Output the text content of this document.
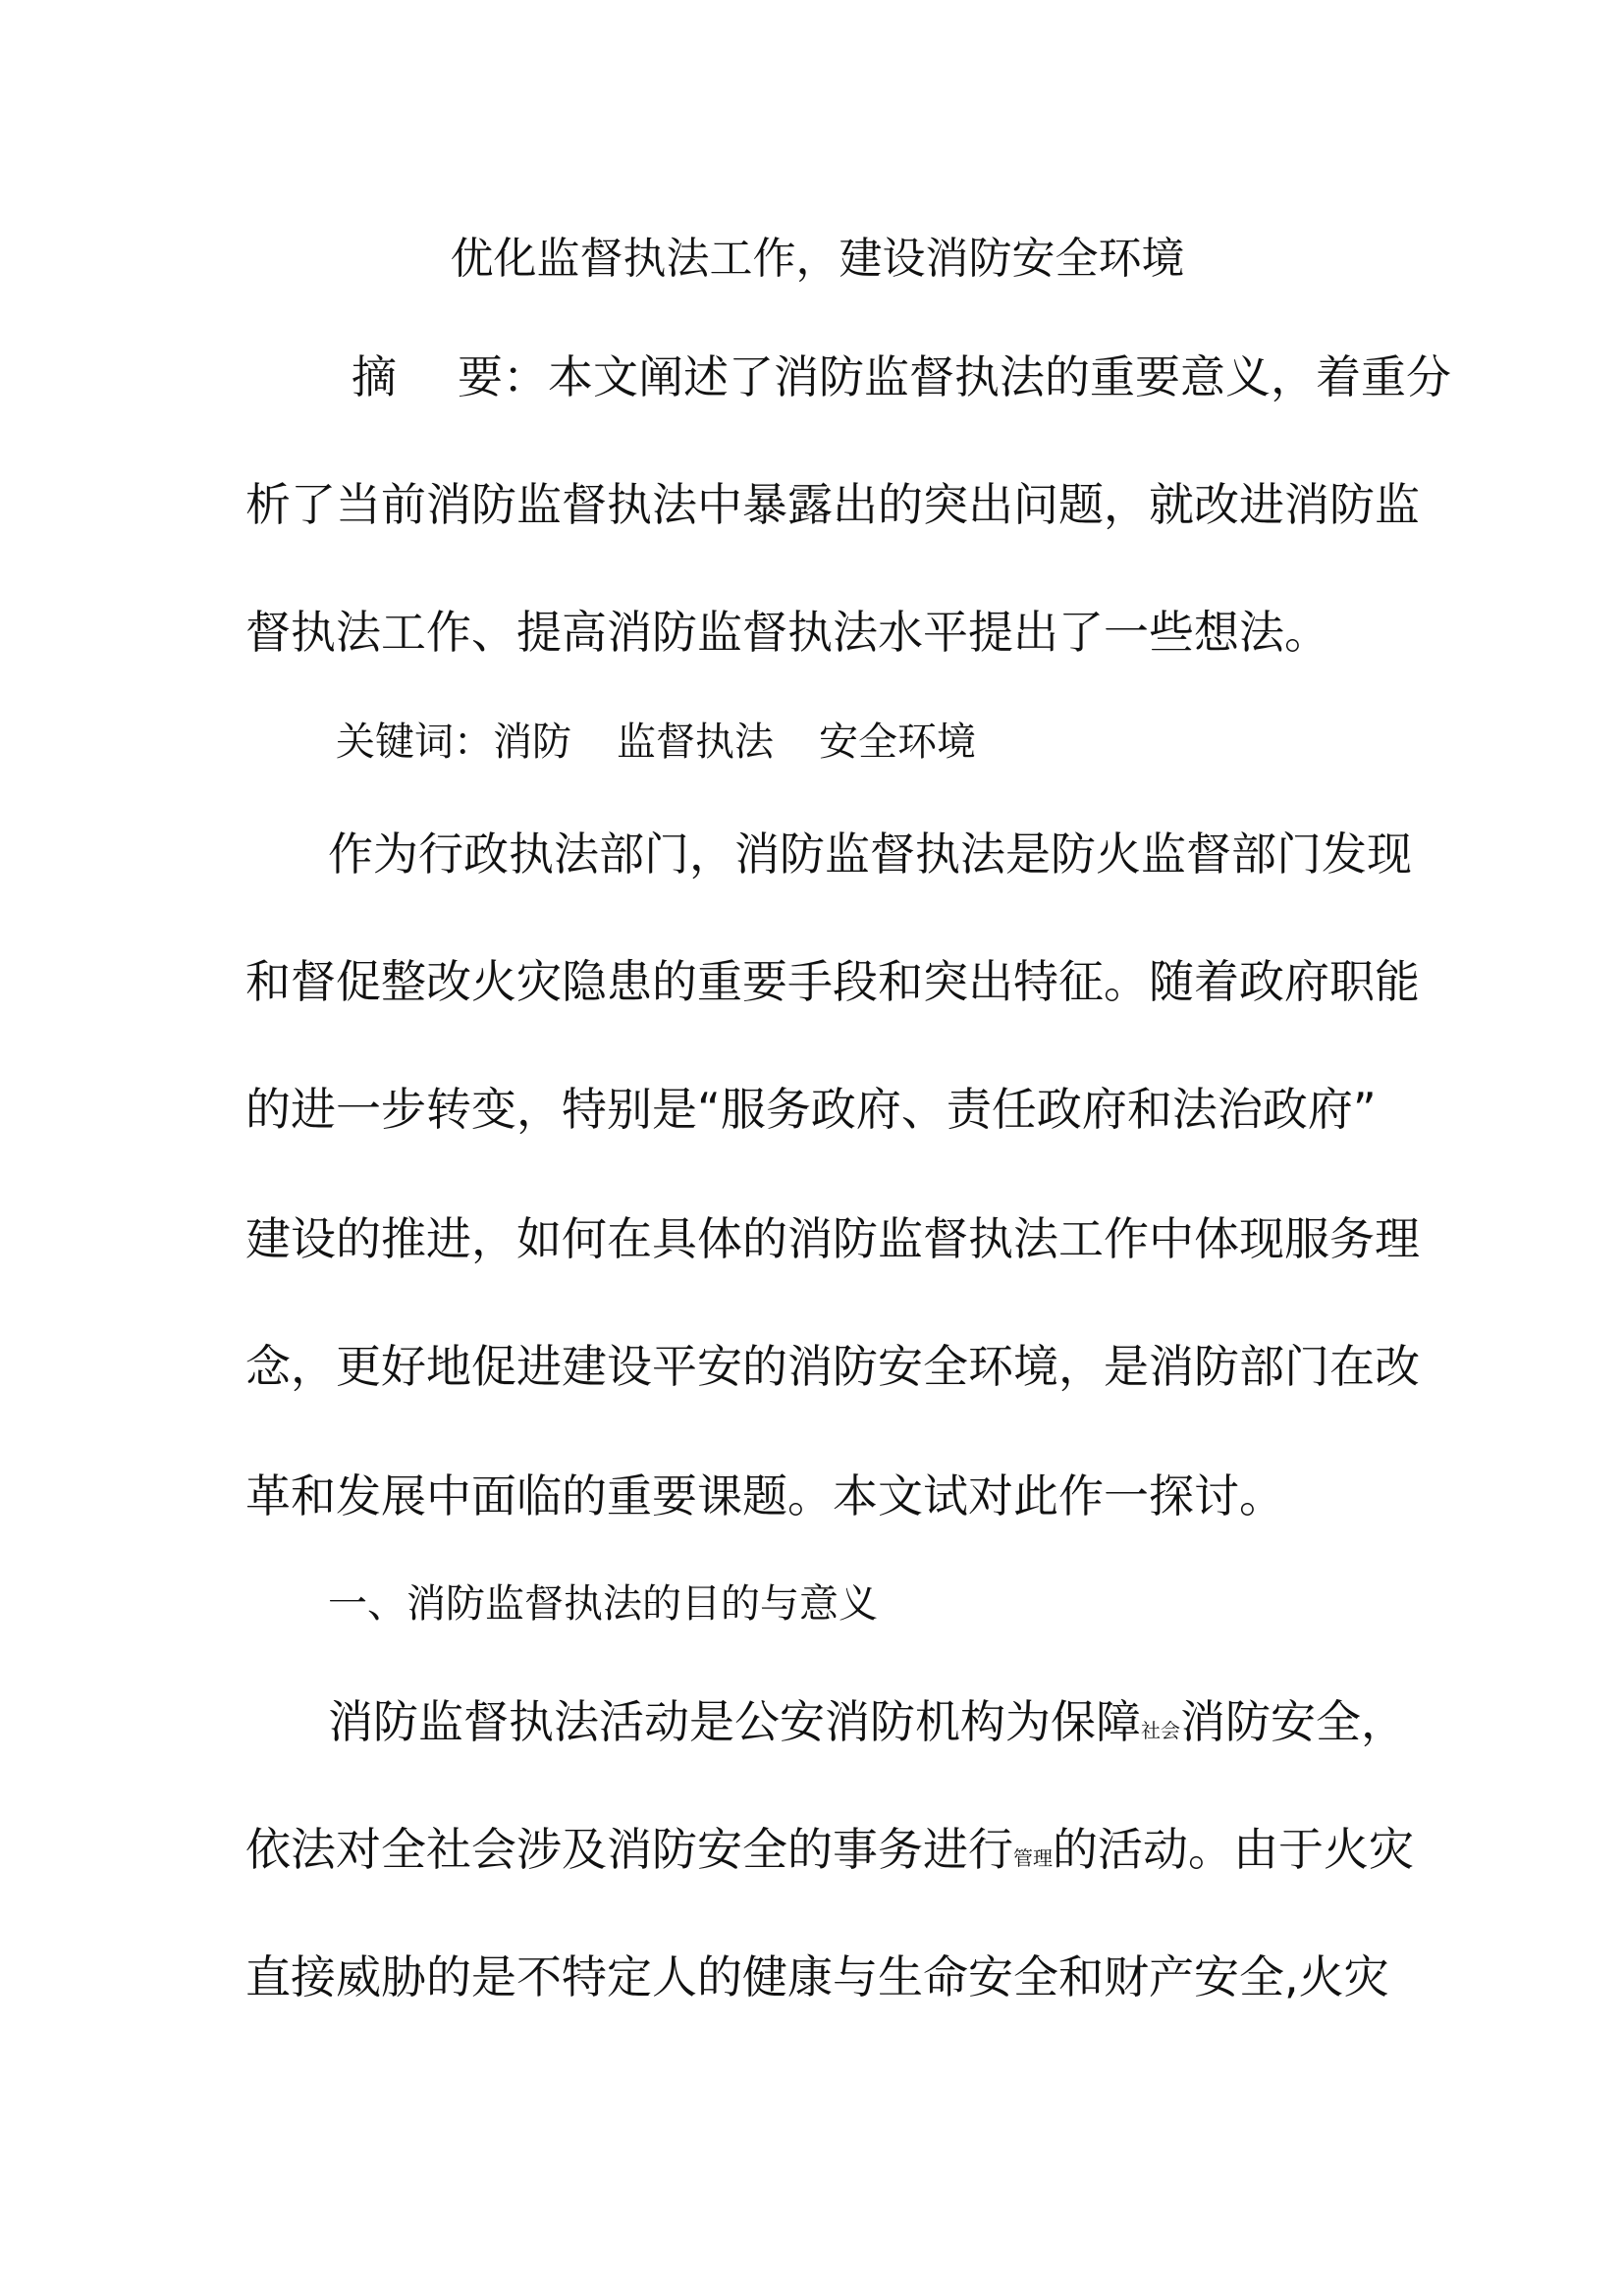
优化监督执法工作，建设消防安全环境
摘 要：本文阐述了消防监督执法的重要意义，着重分
析了当前消防监督执法中暴露出的突出问题，就改进消防监
督执法工作、提高消防监督执法水平提出了一些想法。
关键词：消防 监督执法 安全环境
作为行政执法部门，消防监督执法是防火监督部门发现
和督促整改火灾隐患的重要手段和突出特征。随着政府职能
的进一步转变，特别是“服务政府、责任政府和法治政府”
建设的推进，如何在具体的消防监督执法工作中体现服务理
念，更好地促进建设平安的消防安全环境，是消防部门在改
革和发展中面临的重要课题。本文试对此作一探讨。
一、消防监督执法的目的与意义
消防监督执法活动是公安消防机构为保障社会消防安全，
依法对全社会涉及消防安全的事务进行管理的活动。由于火灾
直接威胁的是不特定人的健康与生命安全和财产安全,火灾
